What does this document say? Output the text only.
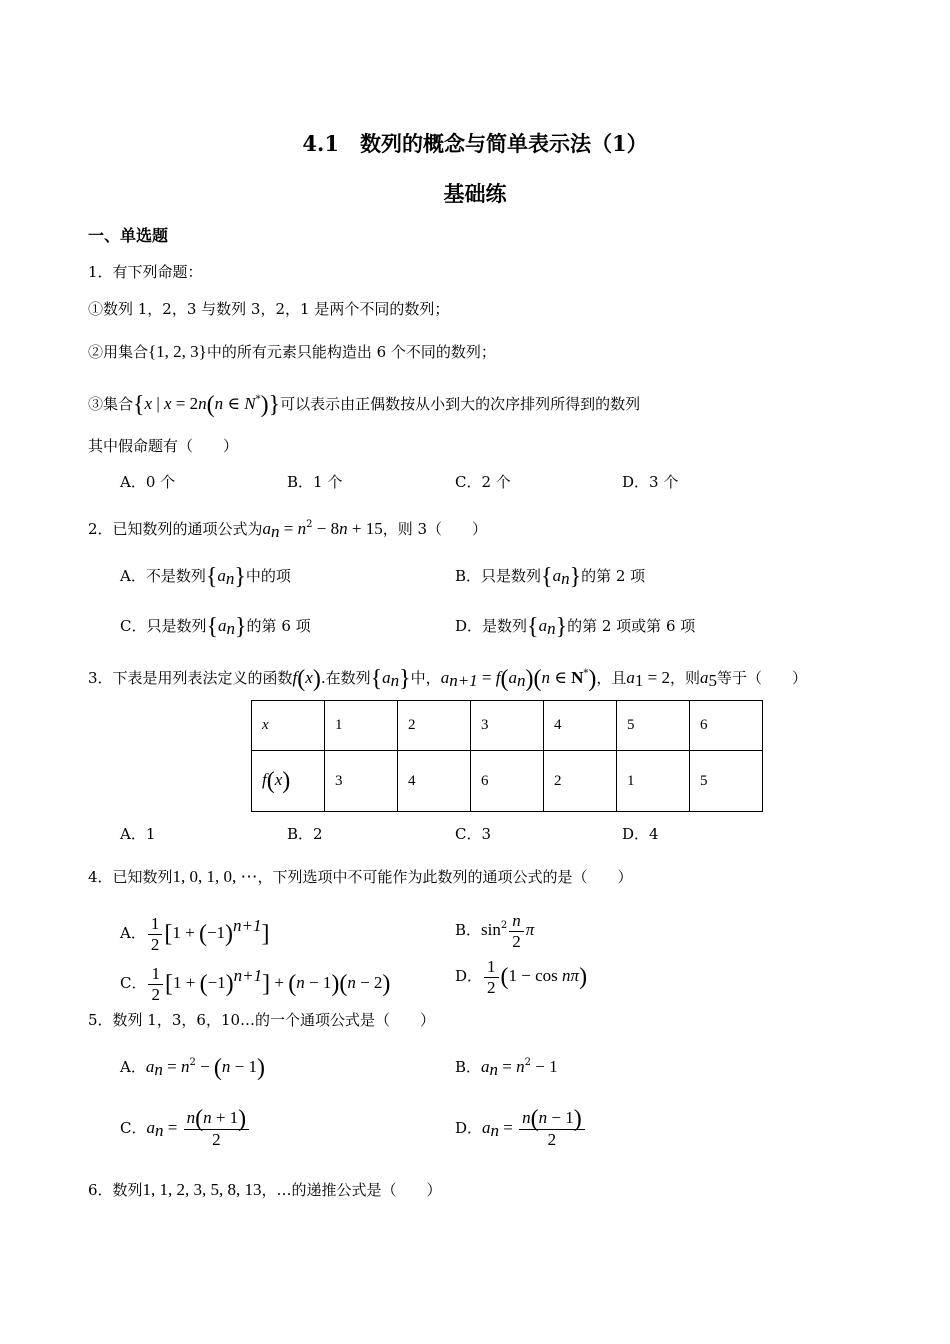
4.1　数列的概念与简单表示法（1）
基础练
一、单选题
1．有下列命题：
①数列 1，2，3 与数列 3，2，1 是两个不同的数列；
②用集合{1, 2, 3}中的所有元素只能构造出 6 个不同的数列；
③集合{x | x = 2n(n ∈ N*)}可以表示由正偶数按从小到大的次序排列所得到的数列
其中假命题有（　　）
A．0 个	B．1 个	C．2 个	D．3 个
2．已知数列的通项公式为$a_n = n^2 - 8n + 15$，则 3（　　）
A．不是数列$\{a_n\}$中的项	B．只是数列$\{a_n\}$的第 2 项
C．只是数列$\{a_n\}$的第 6 项	D．是数列$\{a_n\}$的第 2 项或第 6 项
3．下表是用列表法定义的函数f(x).在数列$\{a_n\}$中，$a_{n+1} = f(a_n)(n$ ∈ N*)，且$a_1 = 2$，则$a_5$等于（　　）
x	1	2	3	4	5	6
f(x)	3	4	6	2	1	5
A．1	B．2	C．3	D．4
4．已知数列1, 0, 1, 0, ⋯，下列选项中不可能作为此数列的通项公式的是（　　）
A． $\frac{1}{2} [1 + (-1)^{n+1}]$	B．$\sin^2 \frac{n}{2}$ π
C． $\frac{1}{2} [1 + (-1)^{n+1}] + (n - 1)(n - 2)$	D． $\frac{1}{2} (1 - \cos n\pi)$
5．数列 1，3，6，10…的一个通项公式是（　　）
A．$a_n = n^2 - (n - 1)$	B．$a_n = n^2 - 1$
C．$a_n = \frac{n(n + 1)}{2}$	D．$a_n = \frac{n(n - 1)}{2}$
6．数列1, 1, 2, 3, 5, 8, 13，…的递推公式是（　　）
